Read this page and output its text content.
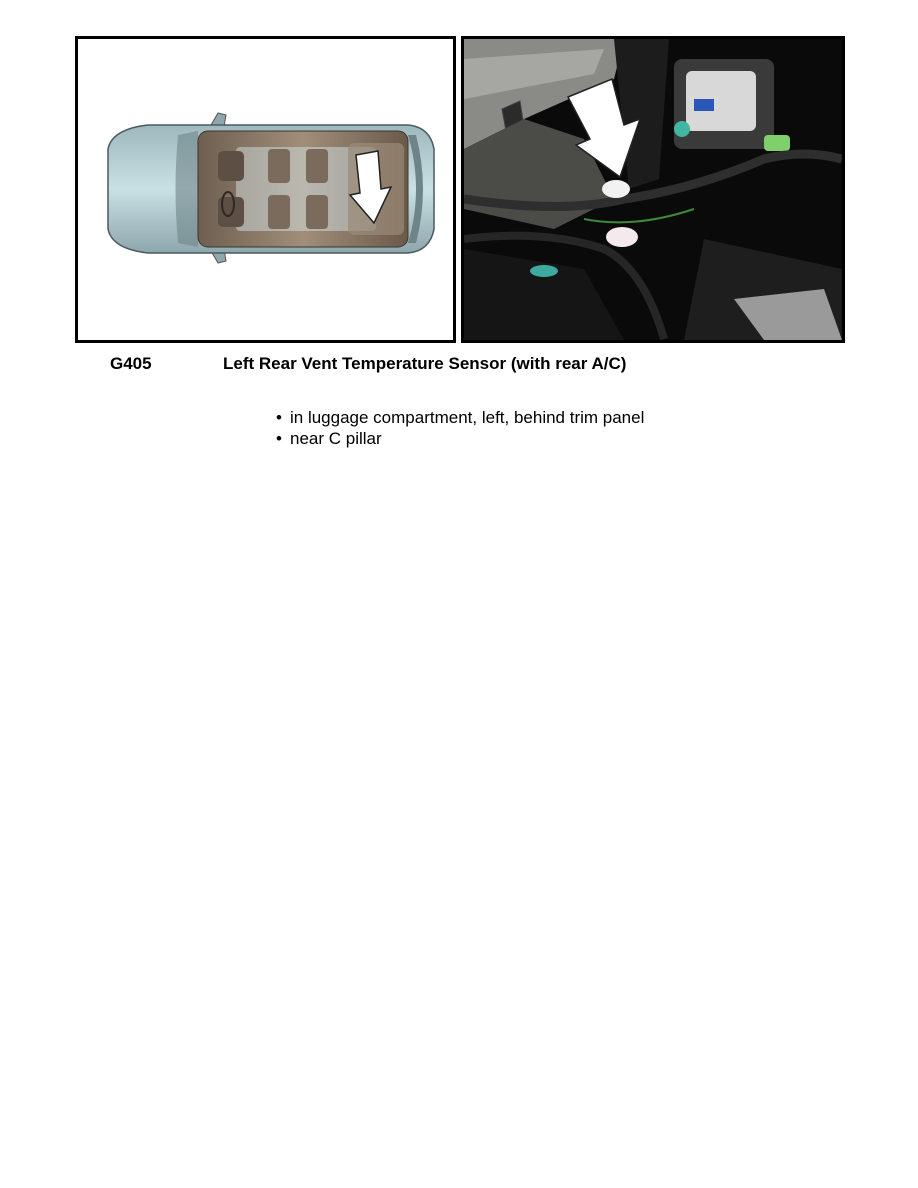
G405	Left Rear Vent Temperature Sensor (with rear A/C)
• in luggage compartment, left, behind trim panel
• near C pillar
